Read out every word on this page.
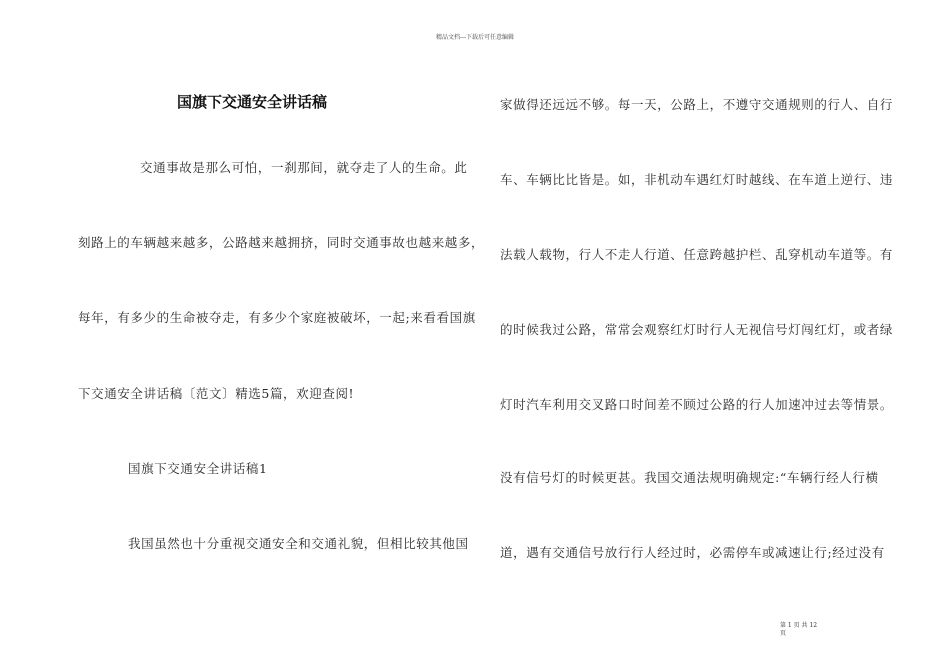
精品文档---下载后可任意编辑
国旗下交通安全讲话稿
交通事故是那么可怕，一刹那间，就夺走了人的生命。此
刻路上的车辆越来越多，公路越来越拥挤，同时交通事故也越来越多，
每年，有多少的生命被夺走，有多少个家庭被破坏，一起;来看看国旗
下交通安全讲话稿〔范文〕精选5篇，欢迎查阅!
国旗下交通安全讲话稿1
我国虽然也十分重视交通安全和交通礼貌，但相比较其他国
家做得还远远不够。每一天，公路上，不遵守交通规则的行人、自行
车、车辆比比皆是。如，非机动车遇红灯时越线、在车道上逆行、违
法载人载物，行人不走人行道、任意跨越护栏、乱穿机动车道等。有
的时候我过公路，常常会观察红灯时行人无视信号灯闯红灯，或者绿
灯时汽车利用交叉路口时间差不顾过公路的行人加速冲过去等情景。
没有信号灯的时候更甚。我国交通法规明确规定:“车辆行经人行横
道，遇有交通信号放行行人经过时，必需停车或减速让行;经过没有
第 1 页 共 12
页
